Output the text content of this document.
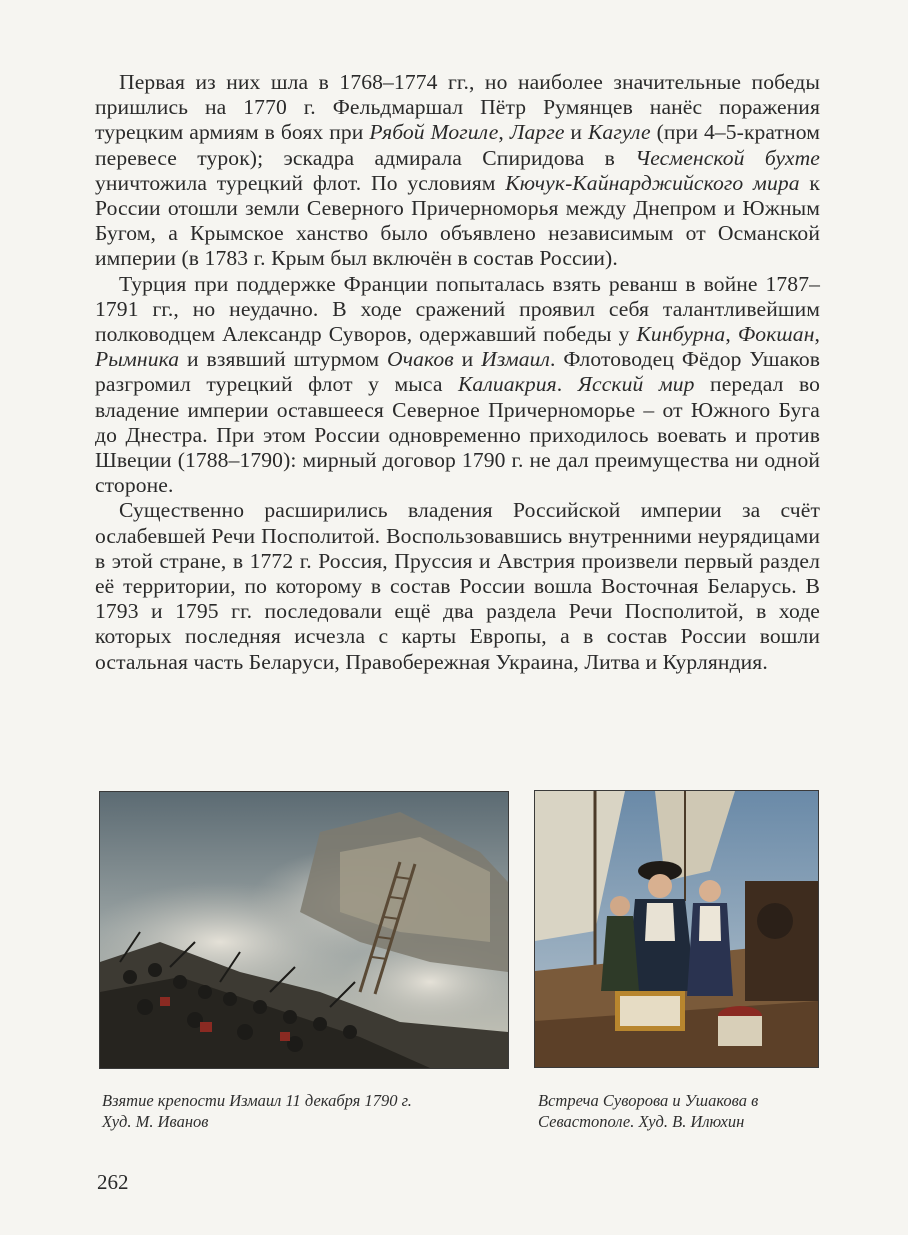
Первая из них шла в 1768–1774 гг., но наиболее значительные победы пришлись на 1770 г. Фельдмаршал Пётр Румянцев нанёс поражения турецким армиям в боях при Рябой Могиле, Ларге и Кагуле (при 4–5-кратном перевесе турок); эскадра адмирала Спиридова в Чесменской бухте уничтожила турецкий флот. По условиям Кючук-Кайнарджийского мира к России отошли земли Северного Причерноморья между Днепром и Южным Бугом, а Крымское ханство было объявлено независимым от Османской империи (в 1783 г. Крым был включён в состав России).

Турция при поддержке Франции попыталась взять реванш в войне 1787–1791 гг., но неудачно. В ходе сражений проявил себя талантливейшим полководцем Александр Суворов, одержавший победы у Кинбурна, Фокшан, Рымника и взявший штурмом Очаков и Измаил. Флотоводец Фёдор Ушаков разгромил турецкий флот у мыса Калиакрия. Ясский мир передал во владение империи оставшееся Северное Причерноморье – от Южного Буга до Днестра. При этом России одновременно приходилось воевать и против Швеции (1788–1790): мирный договор 1790 г. не дал преимущества ни одной стороне.

Существенно расширились владения Российской империи за счёт ослабевшей Речи Посполитой. Воспользовавшись внутренними неурядицами в этой стране, в 1772 г. Россия, Пруссия и Австрия произвели первый раздел её территории, по которому в состав России вошла Восточная Беларусь. В 1793 и 1795 гг. последовали ещё два раздела Речи Посполитой, в ходе которых последняя исчезла с карты Европы, а в состав России вошли остальная часть Беларуси, Правобережная Украина, Литва и Курляндия.

Взятие крепости Измаил 11 декабря 1790 г.
Худ. М. Иванов
Встреча Суворова и Ушакова в
Севастополе. Худ. В. Илюхин
262
